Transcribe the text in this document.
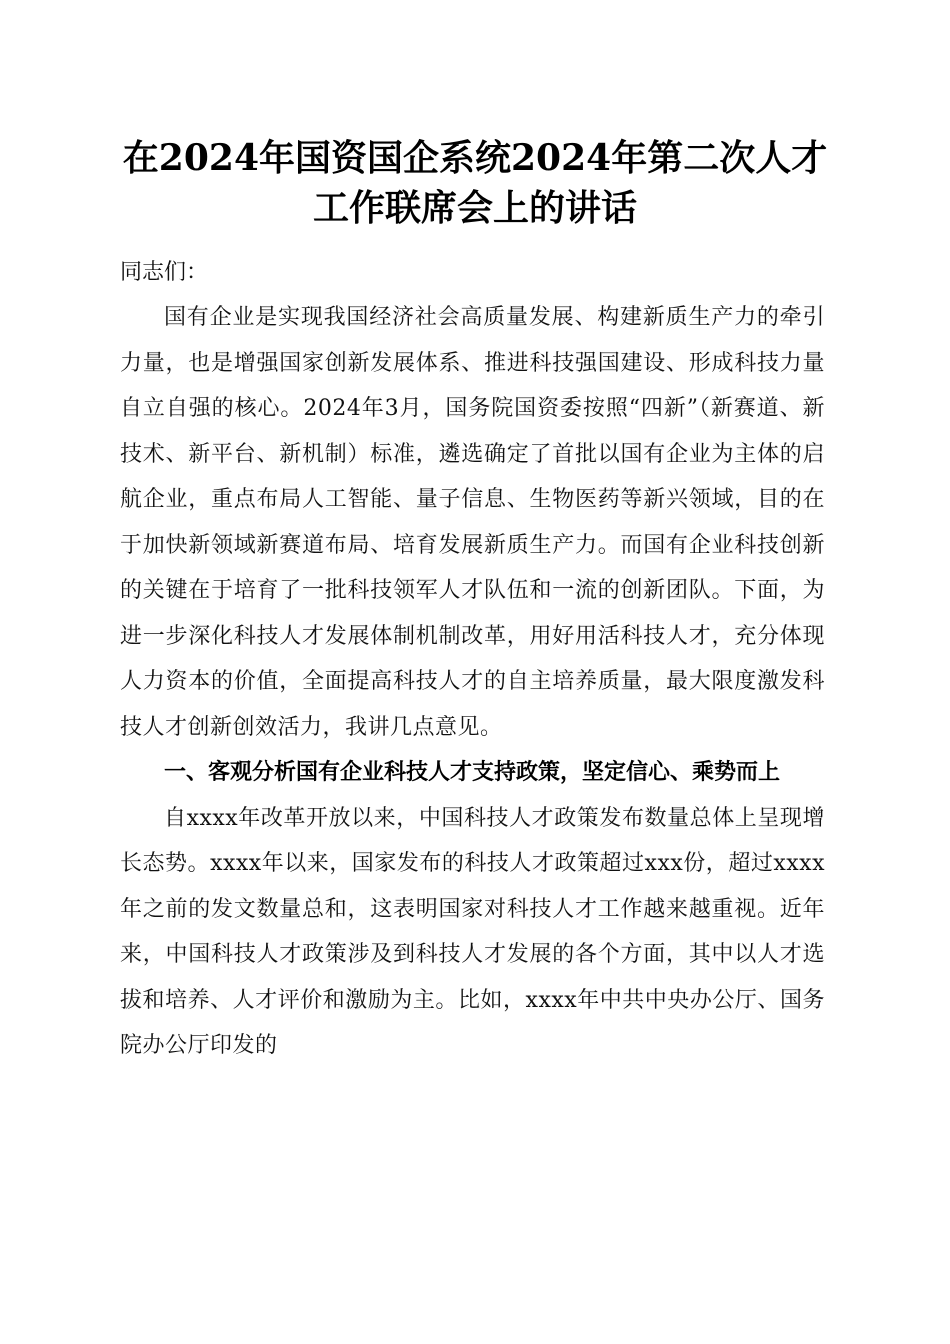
在2024年国资国企系统2024年第二次人才工作联席会上的讲话

同志们：

国有企业是实现我国经济社会高质量发展、构建新质生产力的牵引力量，也是增强国家创新发展体系、推进科技强国建设、形成科技力量自立自强的核心。2024年3月，国务院国资委按照“四新”（新赛道、新技术、新平台、新机制）标准，遴选确定了首批以国有企业为主体的启航企业，重点布局人工智能、量子信息、生物医药等新兴领域，目的在于加快新领域新赛道布局、培育发展新质生产力。而国有企业科技创新的关键在于培育了一批科技领军人才队伍和一流的创新团队。下面，为进一步深化科技人才发展体制机制改革，用好用活科技人才，充分体现人力资本的价值，全面提高科技人才的自主培养质量，最大限度激发科技人才创新创效活力，我讲几点意见。

一、客观分析国有企业科技人才支持政策，坚定信心、乘势而上

自xxxx年改革开放以来，中国科技人才政策发布数量总体上呈现增长态势。xxxx年以来，国家发布的科技人才政策超过xxx份，超过xxxx年之前的发文数量总和，这表明国家对科技人才工作越来越重视。近年来，中国科技人才政策涉及到科技人才发展的各个方面，其中以人才选拔和培养、人才评价和激励为主。比如，xxxx年中共中央办公厅、国务院办公厅印发的
